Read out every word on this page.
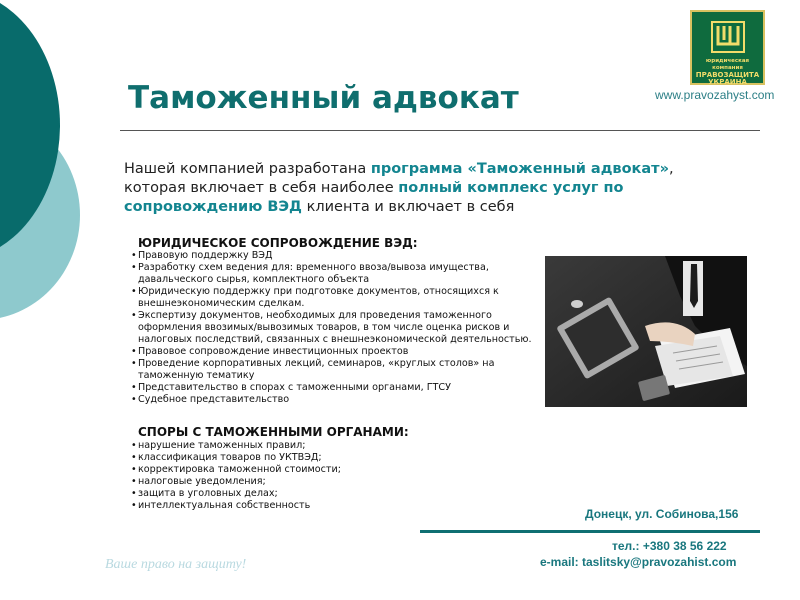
юридическая компания
ПРАВОЗАЩИТА
УКРАИНА
www.pravozahyst.com
Таможенный адвокат
Нашей компанией разработана программа «Таможенный адвокат», которая включает в себя наиболее полный комплекс услуг по сопровождению ВЭД клиента и включает в себя
ЮРИДИЧЕСКОЕ СОПРОВОЖДЕНИЕ ВЭД:
• Правовую поддержку ВЭД
• Разработку схем ведения для: временного ввоза/вывоза имущества, давальческого сырья, комплектного объекта
• Юридическую поддержку при подготовке документов, относящихся к внешнеэкономическим сделкам.
• Экспертизу документов, необходимых для проведения таможенного оформления ввозимых/вывозимых товаров, в том числе оценка рисков и налоговых последствий, связанных с внешнеэкономической деятельностью.
• Правовое сопровождение инвестиционных проектов
• Проведение корпоративных лекций, семинаров, «круглых столов» на таможенную тематику
• Представительство в спорах с таможенными органами, ГТСУ
• Судебное представительство
СПОРЫ С ТАМОЖЕННЫМИ ОРГАНАМИ:
• нарушение таможенных правил;
• классификация товаров по УКТВЭД;
• корректировка таможенной стоимости;
• налоговые уведомления;
• защита в уголовных делах;
• интеллектуальная собственность
Донецк, ул. Собинова,156
тел.: +380 38 56 222
e-mail: taslitsky@pravozahist.com
Ваше право на защиту!
